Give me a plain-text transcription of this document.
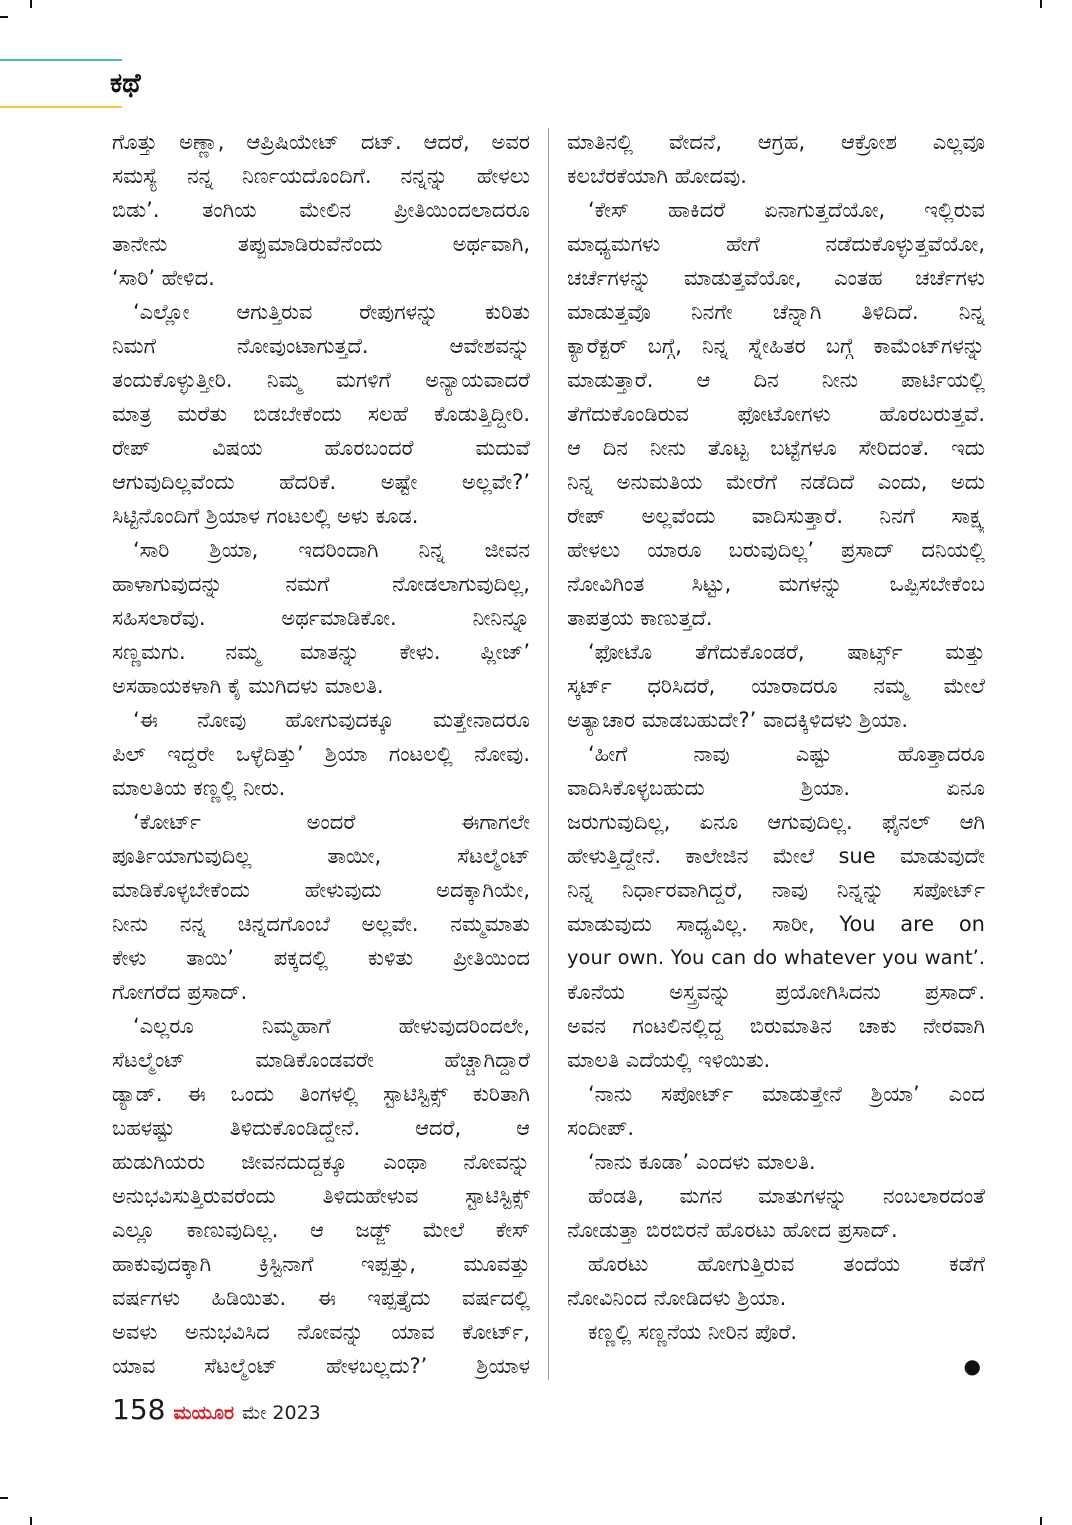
ಕಥೆ
ಗೊತ್ತು ಅಣ್ಣಾ, ಆಪ್ರಿಷಿಯೇಟ್ ದಟ್. ಆದರೆ, ಅವರ
ಸಮಸ್ಯೆ ನನ್ನ ನಿರ್ಣಯದೊಂದಿಗೆ. ನನ್ನನ್ನು ಹೇಳಲು
ಬಿಡು’. ತಂಗಿಯ ಮೇಲಿನ ಪ್ರೀತಿಯಿಂದಲಾದರೂ
ತಾನೇನು ತಪ್ಪುಮಾಡಿರುವೆನೆಂದು ಅರ್ಥವಾಗಿ,
‘ಸಾರಿ’ ಹೇಳಿದ.
‘ಎಲ್ಲೋ ಆಗುತ್ತಿರುವ ರೇಪುಗಳನ್ನು ಕುರಿತು
ನಿಮಗೆ ನೋವುಂಟಾಗುತ್ತದೆ. ಆವೇಶವನ್ನು
ತಂದುಕೊಳ್ಳುತ್ತೀರಿ. ನಿಮ್ಮ ಮಗಳಿಗೆ ಅನ್ಯಾಯವಾದರೆ
ಮಾತ್ರ ಮರೆತು ಬಿಡಬೇಕೆಂದು ಸಲಹೆ ಕೊಡುತ್ತಿದ್ದೀರಿ.
ರೇಪ್ ವಿಷಯ ಹೊರಬಂದರೆ ಮದುವೆ
ಆಗುವುದಿಲ್ಲವೆಂದು ಹೆದರಿಕೆ. ಅಷ್ಟೇ ಅಲ್ಲವೇ?’
ಸಿಟ್ಟಿನೊಂದಿಗೆ ಶ್ರಿಯಾಳ ಗಂಟಲಲ್ಲಿ ಅಳು ಕೂಡ.
‘ಸಾರಿ ಶ್ರಿಯಾ, ಇದರಿಂದಾಗಿ ನಿನ್ನ ಜೀವನ
ಹಾಳಾಗುವುದನ್ನು ನಮಗೆ ನೋಡಲಾಗುವುದಿಲ್ಲ,
ಸಹಿಸಲಾರೆವು. ಅರ್ಥಮಾಡಿಕೋ. ನೀನಿನ್ನೂ
ಸಣ್ಣಮಗು. ನಮ್ಮ ಮಾತನ್ನು ಕೇಳು. ಪ್ಲೀಜ್’
ಅಸಹಾಯಕಳಾಗಿ ಕೈ ಮುಗಿದಳು ಮಾಲತಿ.
‘ಈ ನೋವು ಹೋಗುವುದಕ್ಕೂ ಮತ್ತೇನಾದರೂ
ಪಿಲ್ ಇದ್ದರೇ ಒಳ್ಳೆದಿತ್ತು’ ಶ್ರಿಯಾ ಗಂಟಲಲ್ಲಿ ನೋವು.
ಮಾಲತಿಯ ಕಣ್ಣಲ್ಲಿ ನೀರು.
‘ಕೋರ್ಟ್ ಅಂದರೆ ಈಗಾಗಲೇ
ಪೂರ್ತಿಯಾಗುವುದಿಲ್ಲ ತಾಯೀ, ಸೆಟಲ್ಮೆಂಟ್
ಮಾಡಿಕೊಳ್ಳಬೇಕೆಂದು ಹೇಳುವುದು ಅದಕ್ಕಾಗಿಯೇ,
ನೀನು ನನ್ನ ಚಿನ್ನದಗೊಂಬೆ ಅಲ್ಲವೇ. ನಮ್ಮಮಾತು
ಕೇಳು ತಾಯಿ’ ಪಕ್ಕದಲ್ಲಿ ಕುಳಿತು ಪ್ರೀತಿಯಿಂದ
ಗೋಗರೆದ ಪ್ರಸಾದ್.
‘ಎಲ್ಲರೂ ನಿಮ್ಮಹಾಗೆ ಹೇಳುವುದರಿಂದಲೇ,
ಸೆಟಲ್ಮೆಂಟ್ ಮಾಡಿಕೊಂಡವರೇ ಹೆಚ್ಚಾಗಿದ್ದಾರೆ
ಡ್ಯಾಡ್. ಈ ಒಂದು ತಿಂಗಳಲ್ಲಿ ಸ್ಟಾಟಿಸ್ಟಿಕ್ಸ್ ಕುರಿತಾಗಿ
ಬಹಳಷ್ಟು ತಿಳಿದುಕೊಂಡಿದ್ದೇನೆ. ಆದರೆ, ಆ
ಹುಡುಗಿಯರು ಜೀವನದುದ್ದಕ್ಕೂ ಎಂಥಾ ನೋವನ್ನು
ಅನುಭವಿಸುತ್ತಿರುವರೆಂದು ತಿಳಿದುಹೇಳುವ ಸ್ಟಾಟಿಸ್ಟಿಕ್ಸ್
ಎಲ್ಲೂ ಕಾಣುವುದಿಲ್ಲ. ಆ ಜಡ್ಜ್ ಮೇಲೆ ಕೇಸ್
ಹಾಕುವುದಕ್ಕಾಗಿ ಕ್ರಿಸ್ಟಿನಾಗೆ ಇಪ್ಪತ್ತು, ಮೂವತ್ತು
ವರ್ಷಗಳು ಹಿಡಿಯಿತು. ಈ ಇಪ್ಪತ್ತೈದು ವರ್ಷದಲ್ಲಿ
ಅವಳು ಅನುಭವಿಸಿದ ನೋವನ್ನು ಯಾವ ಕೋರ್ಟ್,
ಯಾವ ಸೆಟಲ್ಮೆಂಟ್ ಹೇಳಬಲ್ಲದು?’ ಶ್ರಿಯಾಳ
ಮಾತಿನಲ್ಲಿ ವೇದನೆ, ಆಗ್ರಹ, ಆಕ್ರೋಶ ಎಲ್ಲವೂ
ಕಲಬೆರಕೆಯಾಗಿ ಹೋದವು.
‘ಕೇಸ್ ಹಾಕಿದರೆ ಏನಾಗುತ್ತದೆಯೋ, ಇಲ್ಲಿರುವ
ಮಾಧ್ಯಮಗಳು ಹೇಗೆ ನಡೆದುಕೊಳ್ಳುತ್ತವೆಯೋ,
ಚರ್ಚೆಗಳನ್ನು ಮಾಡುತ್ತವೆಯೋ, ಎಂತಹ ಚರ್ಚೆಗಳು
ಮಾಡುತ್ತವೊ ನಿನಗೇ ಚೆನ್ನಾಗಿ ತಿಳಿದಿದೆ. ನಿನ್ನ
ಕ್ಯಾರೆಕ್ಟರ್ ಬಗ್ಗೆ, ನಿನ್ನ ಸ್ನೇಹಿತರ ಬಗ್ಗೆ ಕಾಮೆಂಟ್‌ಗಳನ್ನು
ಮಾಡುತ್ತಾರೆ. ಆ ದಿನ ನೀನು ಪಾರ್ಟಿಯಲ್ಲಿ
ತೆಗೆದುಕೊಂಡಿರುವ ಫೋಟೋಗಳು ಹೊರಬರುತ್ತವೆ.
ಆ ದಿನ ನೀನು ತೊಟ್ಟ ಬಟ್ಟೆಗಳೂ ಸೇರಿದಂತೆ. ಇದು
ನಿನ್ನ ಅನುಮತಿಯ ಮೇರೆಗೆ ನಡೆದಿದೆ ಎಂದು, ಅದು
ರೇಪ್ ಅಲ್ಲವೆಂದು ವಾದಿಸುತ್ತಾರೆ. ನಿನಗೆ ಸಾಕ್ಷ್ಯ
ಹೇಳಲು ಯಾರೂ ಬರುವುದಿಲ್ಲ’ ಪ್ರಸಾದ್ ದನಿಯಲ್ಲಿ
ನೋವಿಗಿಂತ ಸಿಟ್ಟು, ಮಗಳನ್ನು ಒಪ್ಪಿಸಬೇಕೆಂಬ
ತಾಪತ್ರಯ ಕಾಣುತ್ತದೆ.
‘ಫೋಟೊ ತೆಗೆದುಕೊಂಡರೆ, ಷಾರ್ಟ್ಸ್ ಮತ್ತು
ಸ್ಕರ್ಟ್ ಧರಿಸಿದರೆ, ಯಾರಾದರೂ ನಮ್ಮ ಮೇಲೆ
ಅತ್ಯಾಚಾರ ಮಾಡಬಹುದೇ?’ ವಾದಕ್ಕಿಳಿದಳು ಶ್ರಿಯಾ.
‘ಹೀಗೆ ನಾವು ಎಷ್ಟು ಹೊತ್ತಾದರೂ
ವಾದಿಸಿಕೊಳ್ಳಬಹುದು ಶ್ರಿಯಾ. ಏನೂ
ಜರುಗುವುದಿಲ್ಲ, ಏನೂ ಆಗುವುದಿಲ್ಲ. ಫೈನಲ್ ಆಗಿ
ಹೇಳುತ್ತಿದ್ದೇನೆ. ಕಾಲೇಜಿನ ಮೇಲೆ sue ಮಾಡುವುದೇ
ನಿನ್ನ ನಿರ್ಧಾರವಾಗಿದ್ದರೆ, ನಾವು ನಿನ್ನನ್ನು ಸಪೋರ್ಟ್
ಮಾಡುವುದು ಸಾಧ್ಯವಿಲ್ಲ. ಸಾರೀ, You are on
your own. You can do whatever you want’.
ಕೊನೆಯ ಅಸ್ತ್ರವನ್ನು ಪ್ರಯೋಗಿಸಿದನು ಪ್ರಸಾದ್.
ಅವನ ಗಂಟಲಿನಲ್ಲಿದ್ದ ಬಿರುಮಾತಿನ ಚಾಕು ನೇರವಾಗಿ
ಮಾಲತಿ ಎದೆಯಲ್ಲಿ ಇಳಿಯಿತು.
‘ನಾನು ಸಪೋರ್ಟ್ ಮಾಡುತ್ತೇನೆ ಶ್ರಿಯಾ’ ಎಂದ
ಸಂದೀಪ್.
‘ನಾನು ಕೂಡಾ’ ಎಂದಳು ಮಾಲತಿ.
ಹೆಂಡತಿ, ಮಗನ ಮಾತುಗಳನ್ನು ನಂಬಲಾರದಂತೆ
ನೋಡುತ್ತಾ ಬಿರಬಿರನೆ ಹೊರಟು ಹೋದ ಪ್ರಸಾದ್.
ಹೊರಟು ಹೋಗುತ್ತಿರುವ ತಂದೆಯ ಕಡೆಗೆ
ನೋವಿನಿಂದ ನೋಡಿದಳು ಶ್ರಿಯಾ.
ಕಣ್ಣಲ್ಲಿ ಸಣ್ಣನೆಯ ನೀರಿನ ಪೊರೆ.
●
158 ಮಯೂರ ಮೇ 2023
